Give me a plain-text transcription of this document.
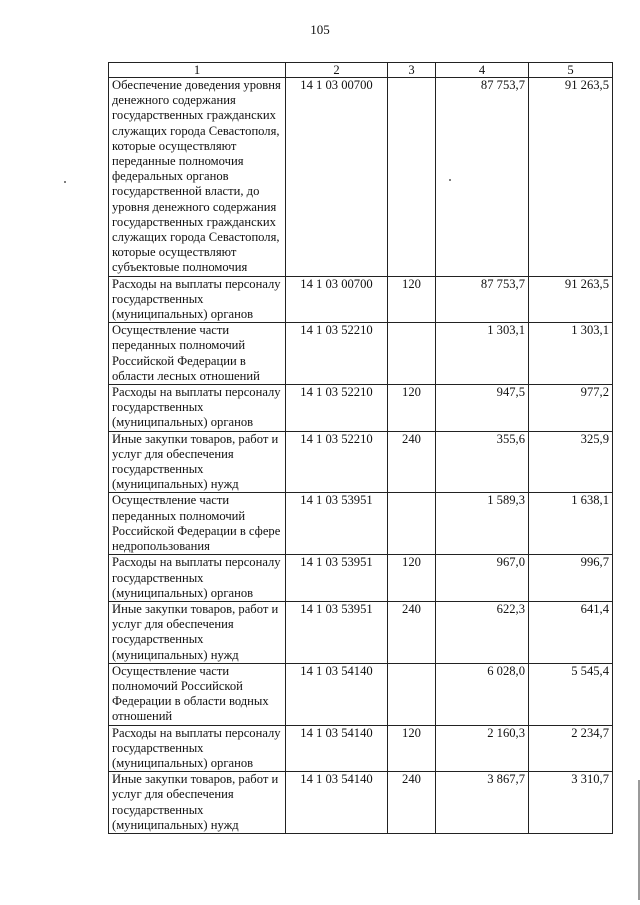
105
1	2	3	4	5
Обеспечение доведения уровня денежного содержания государственных гражданских служащих города Севастополя, которые осуществляют переданные полномочия федеральных органов государственной власти, до уровня денежного содержания государственных гражданских служащих города Севастополя, которые осуществляют субъектовые полномочия	14 1 03 00700		87 753,7	91 263,5
Расходы на выплаты персоналу государственных (муниципальных) органов	14 1 03 00700	120	87 753,7	91 263,5
Осуществление части переданных полномочий Российской Федерации в области лесных отношений	14 1 03 52210		1 303,1	1 303,1
Расходы на выплаты персоналу государственных (муниципальных) органов	14 1 03 52210	120	947,5	977,2
Иные закупки товаров, работ и услуг для обеспечения государственных (муниципальных) нужд	14 1 03 52210	240	355,6	325,9
Осуществление части переданных полномочий Российской Федерации в сфере недропользования	14 1 03 53951		1 589,3	1 638,1
Расходы на выплаты персоналу государственных (муниципальных) органов	14 1 03 53951	120	967,0	996,7
Иные закупки товаров, работ и услуг для обеспечения государственных (муниципальных) нужд	14 1 03 53951	240	622,3	641,4
Осуществление части полномочий Российской Федерации в области водных отношений	14 1 03 54140		6 028,0	5 545,4
Расходы на выплаты персоналу государственных (муниципальных) органов	14 1 03 54140	120	2 160,3	2 234,7
Иные закупки товаров, работ и услуг для обеспечения государственных (муниципальных) нужд	14 1 03 54140	240	3 867,7	3 310,7
